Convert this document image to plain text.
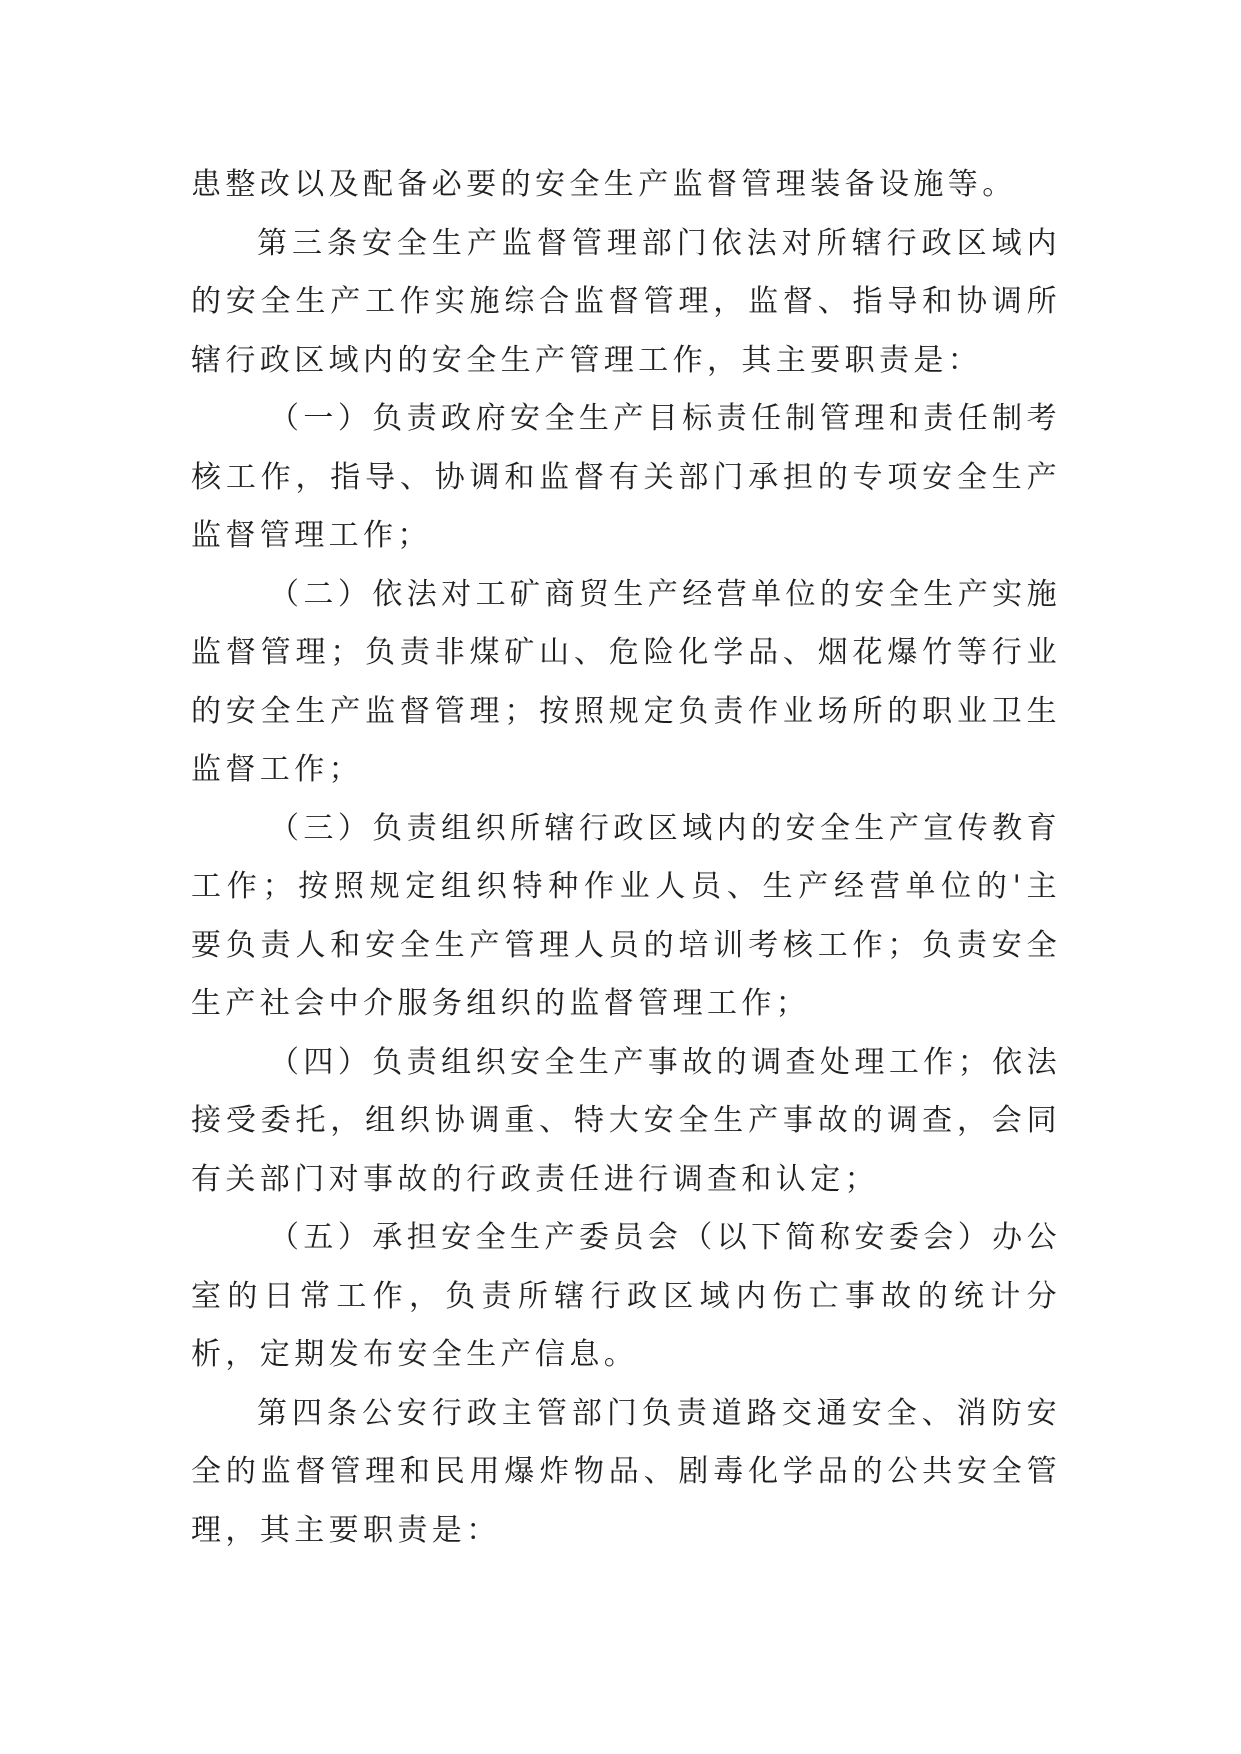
患整改以及配备必要的安全生产监督管理装备设施等。

第三条安全生产监督管理部门依法对所辖行政区域内的安全生产工作实施综合监督管理，监督、指导和协调所辖行政区域内的安全生产管理工作，其主要职责是：

（一）负责政府安全生产目标责任制管理和责任制考核工作，指导、协调和监督有关部门承担的专项安全生产监督管理工作；

（二）依法对工矿商贸生产经营单位的安全生产实施监督管理；负责非煤矿山、危险化学品、烟花爆竹等行业的安全生产监督管理；按照规定负责作业场所的职业卫生监督工作；

（三）负责组织所辖行政区域内的安全生产宣传教育工作；按照规定组织特种作业人员、生产经营单位的'主要负责人和安全生产管理人员的培训考核工作；负责安全生产社会中介服务组织的监督管理工作；

（四）负责组织安全生产事故的调查处理工作；依法接受委托，组织协调重、特大安全生产事故的调查，会同有关部门对事故的行政责任进行调查和认定；

（五）承担安全生产委员会（以下简称安委会）办公室的日常工作，负责所辖行政区域内伤亡事故的统计分析，定期发布安全生产信息。

第四条公安行政主管部门负责道路交通安全、消防安全的监督管理和民用爆炸物品、剧毒化学品的公共安全管理，其主要职责是：
